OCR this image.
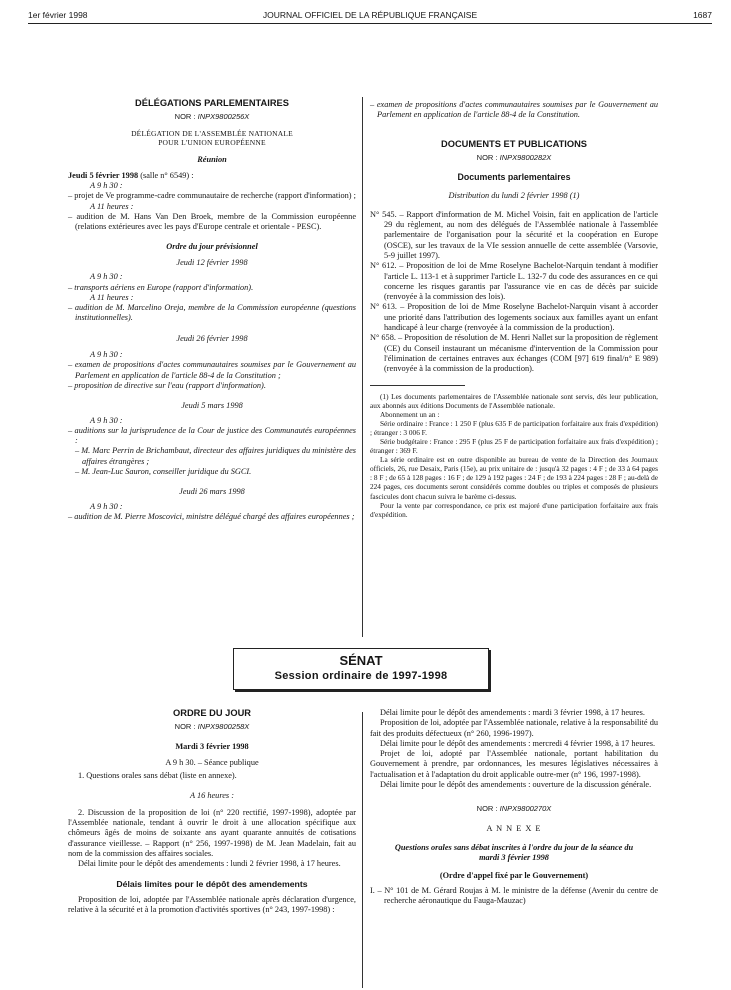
1er février 1998	JOURNAL OFFICIEL DE LA RÉPUBLIQUE FRANÇAISE	1687
DÉLÉGATIONS PARLEMENTAIRES
NOR : INPX9800256X
DÉLÉGATION DE L'ASSEMBLÉE NATIONALE
POUR L'UNION EUROPÉENNE
Réunion

Jeudi 5 février 1998 (salle n° 6549) :

A 9 h 30 :

– projet de Ve programme-cadre communautaire de recherche (rapport d'information) ;

A 11 heures :

– audition de M. Hans Van Den Broek, membre de la Commission européenne (relations extérieures avec les pays d'Europe centrale et orientale - PESC).

Ordre du jour prévisionnel
Jeudi 12 février 1998

A 9 h 30 :

– transports aériens en Europe (rapport d'information).

A 11 heures :

– audition de M. Marcelino Oreja, membre de la Commission européenne (questions institutionnelles).

Jeudi 26 février 1998

A 9 h 30 :

– examen de propositions d'actes communautaires soumises par le Gouvernement au Parlement en application de l'article 88-4 de la Constitution ;

– proposition de directive sur l'eau (rapport d'information).

Jeudi 5 mars 1998

A 9 h 30 :

– auditions sur la jurisprudence de la Cour de justice des Communautés européennes :

– M. Marc Perrin de Brichambaut, directeur des affaires juridiques du ministère des affaires étrangères ;

– M. Jean-Luc Sauron, conseiller juridique du SGCI.

Jeudi 26 mars 1998

A 9 h 30 :

– audition de M. Pierre Moscovici, ministre délégué chargé des affaires européennes ;

– examen de propositions d'actes communautaires soumises par le Gouvernement au Parlement en application de l'article 88-4 de la Constitution.

DOCUMENTS ET PUBLICATIONS
NOR : INPX9800282X
Documents parlementaires
Distribution du lundi 2 février 1998 (1)

N° 545. – Rapport d'information de M. Michel Voisin, fait en application de l'article 29 du règlement, au nom des délégués de l'Assemblée nationale à l'assemblée parlementaire de l'organisation pour la sécurité et la coopération en Europe (OSCE), sur les travaux de la VIe session annuelle de cette assemblée (Varsovie, 5-9 juillet 1997).

N° 612. – Proposition de loi de Mme Roselyne Bachelot-Narquin tendant à modifier l'article L. 113-1 et à supprimer l'article L. 132-7 du code des assurances en ce qui concerne les risques garantis par l'assurance vie en cas de décès par suicide (renvoyée à la commission des lois).

N° 613. – Proposition de loi de Mme Roselyne Bachelot-Narquin visant à accorder une priorité dans l'attribution des logements sociaux aux familles ayant un enfant handicapé à leur charge (renvoyée à la commission de la production).

N° 658. – Proposition de résolution de M. Henri Nallet sur la proposition de règlement (CE) du Conseil instaurant un mécanisme d'intervention de la Commission pour l'élimination de certaines entraves aux échanges (COM [97] 619 final/n° E 989) (renvoyée à la commission de la production).

(1) Les documents parlementaires de l'Assemblée nationale sont servis, dès leur publication, aux abonnés aux éditions Documents de l'Assemblée nationale.

Abonnement un an :

Série ordinaire : France : 1 250 F (plus 635 F de participation forfaitaire aux frais d'expédition) ; étranger : 3 006 F.

Série budgétaire : France : 295 F (plus 25 F de participation forfaitaire aux frais d'expédition) ; étranger : 369 F.

La série ordinaire est en outre disponible au bureau de vente de la Direction des Journaux officiels, 26, rue Desaix, Paris (15e), au prix unitaire de : jusqu'à 32 pages : 4 F ; de 33 à 64 pages : 8 F ; de 65 à 128 pages : 16 F ; de 129 à 192 pages : 24 F ; de 193 à 224 pages : 28 F ; au-delà de 224 pages, ces documents seront considérés comme doubles ou triples et composés de plusieurs fascicules dont chacun suivra le barème ci-dessus.

Pour la vente par correspondance, ce prix est majoré d'une participation forfaitaire aux frais d'expédition.

SÉNAT
Session ordinaire de 1997-1998
ORDRE DU JOUR
NOR : INPX9800258X
Mardi 3 février 1998

A 9 h 30. – Séance publique

1. Questions orales sans débat (liste en annexe).

A 16 heures :

2. Discussion de la proposition de loi (n° 220 rectifié, 1997-1998), adoptée par l'Assemblée nationale, tendant à ouvrir le droit à une allocation spécifique aux chômeurs âgés de moins de soixante ans ayant quarante annuités de cotisations d'assurance vieillesse. – Rapport (n° 256, 1997-1998) de M. Jean Madelain, fait au nom de la commission des affaires sociales.

Délai limite pour le dépôt des amendements : lundi 2 février 1998, à 17 heures.

Délais limites pour le dépôt des amendements

Proposition de loi, adoptée par l'Assemblée nationale après déclaration d'urgence, relative à la sécurité et à la promotion d'activités sportives (n° 243, 1997-1998) :

Délai limite pour le dépôt des amendements : mardi 3 février 1998, à 17 heures.

Proposition de loi, adoptée par l'Assemblée nationale, relative à la responsabilité du fait des produits défectueux (n° 260, 1996-1997).

Délai limite pour le dépôt des amendements : mercredi 4 février 1998, à 17 heures.

Projet de loi, adopté par l'Assemblée nationale, portant habilitation du Gouvernement à prendre, par ordonnances, les mesures législatives nécessaires à l'actualisation et à l'adaptation du droit applicable outre-mer (n° 196, 1997-1998).

Délai limite pour le dépôt des amendements : ouverture de la discussion générale.

NOR : INPX9800270X
A N N E X E

Questions orales sans débat inscrites à l'ordre du jour de la séance du mardi 3 février 1998

(Ordre d'appel fixé par le Gouvernement)

I. – N° 101 de M. Gérard Roujas à M. le ministre de la défense (Avenir du centre de recherche aéronautique du Fauga-Mauzac)
